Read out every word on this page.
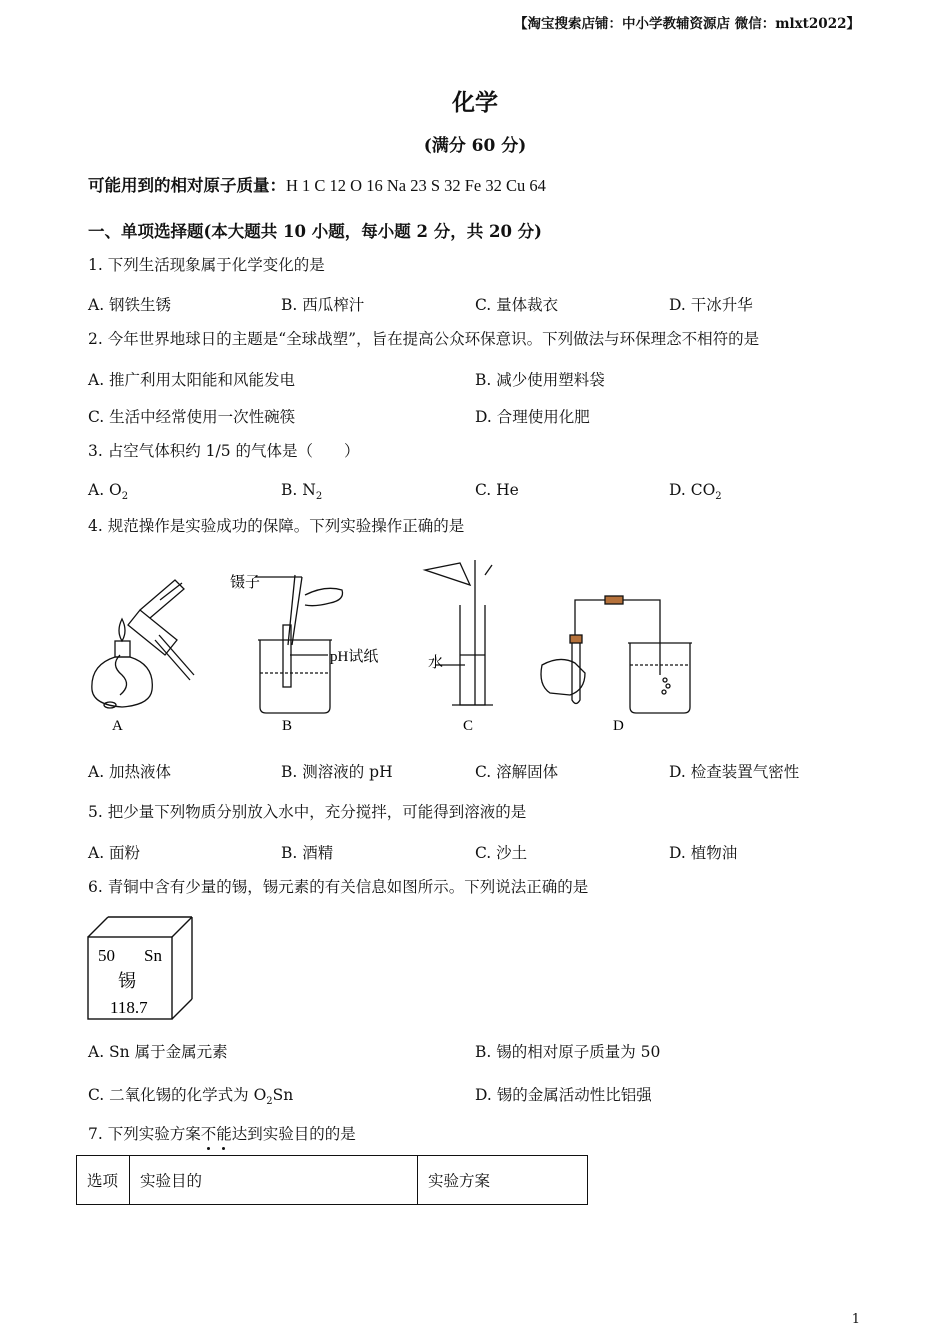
【淘宝搜索店铺：中小学教辅资源店 微信：mlxt2022】
化学
(满分 60 分)
可能用到的相对原子质量：H 1 C 12 O 16 Na 23 S 32 Fe 32 Cu 64
一、单项选择题(本大题共 10 小题，每小题 2 分，共 20 分)
1. 下列生活现象属于化学变化的是
A. 钢铁生锈	B. 西瓜榨汁	C. 量体裁衣	D. 干冰升华
2. 今年世界地球日的主题是“全球战塑”，旨在提高公众环保意识。下列做法与环保理念不相符的是
A. 推广利用太阳能和风能发电	B. 减少使用塑料袋
C. 生活中经常使用一次性碗筷	D. 合理使用化肥
3. 占空气体积约 1/5 的气体是（　　）
A. $O_2$	B. $N_2$	C. He	D. $CO_2$
4. 规范操作是实验成功的保障。下列实验操作正确的是
镊子
pH试纸	水
A	B	C	D
A. 加热液体	B. 测溶液的 pH	C. 溶解固体	D. 检查装置气密性
5. 把少量下列物质分别放入水中，充分搅拌，可能得到溶液的是
A. 面粉	B. 酒精	C. 沙土	D. 植物油
6. 青铜中含有少量的锡，锡元素的有关信息如图所示。下列说法正确的是
50 Sn
锡
118.7
A. Sn 属于金属元素	B. 锡的相对原子质量为 50
C. 二氧化锡的化学式为 $O_2Sn$	D. 锡的金属活动性比铝强
7. 下列实验方案不能达到实验目的的是
选项	实验目的	实验方案
1
